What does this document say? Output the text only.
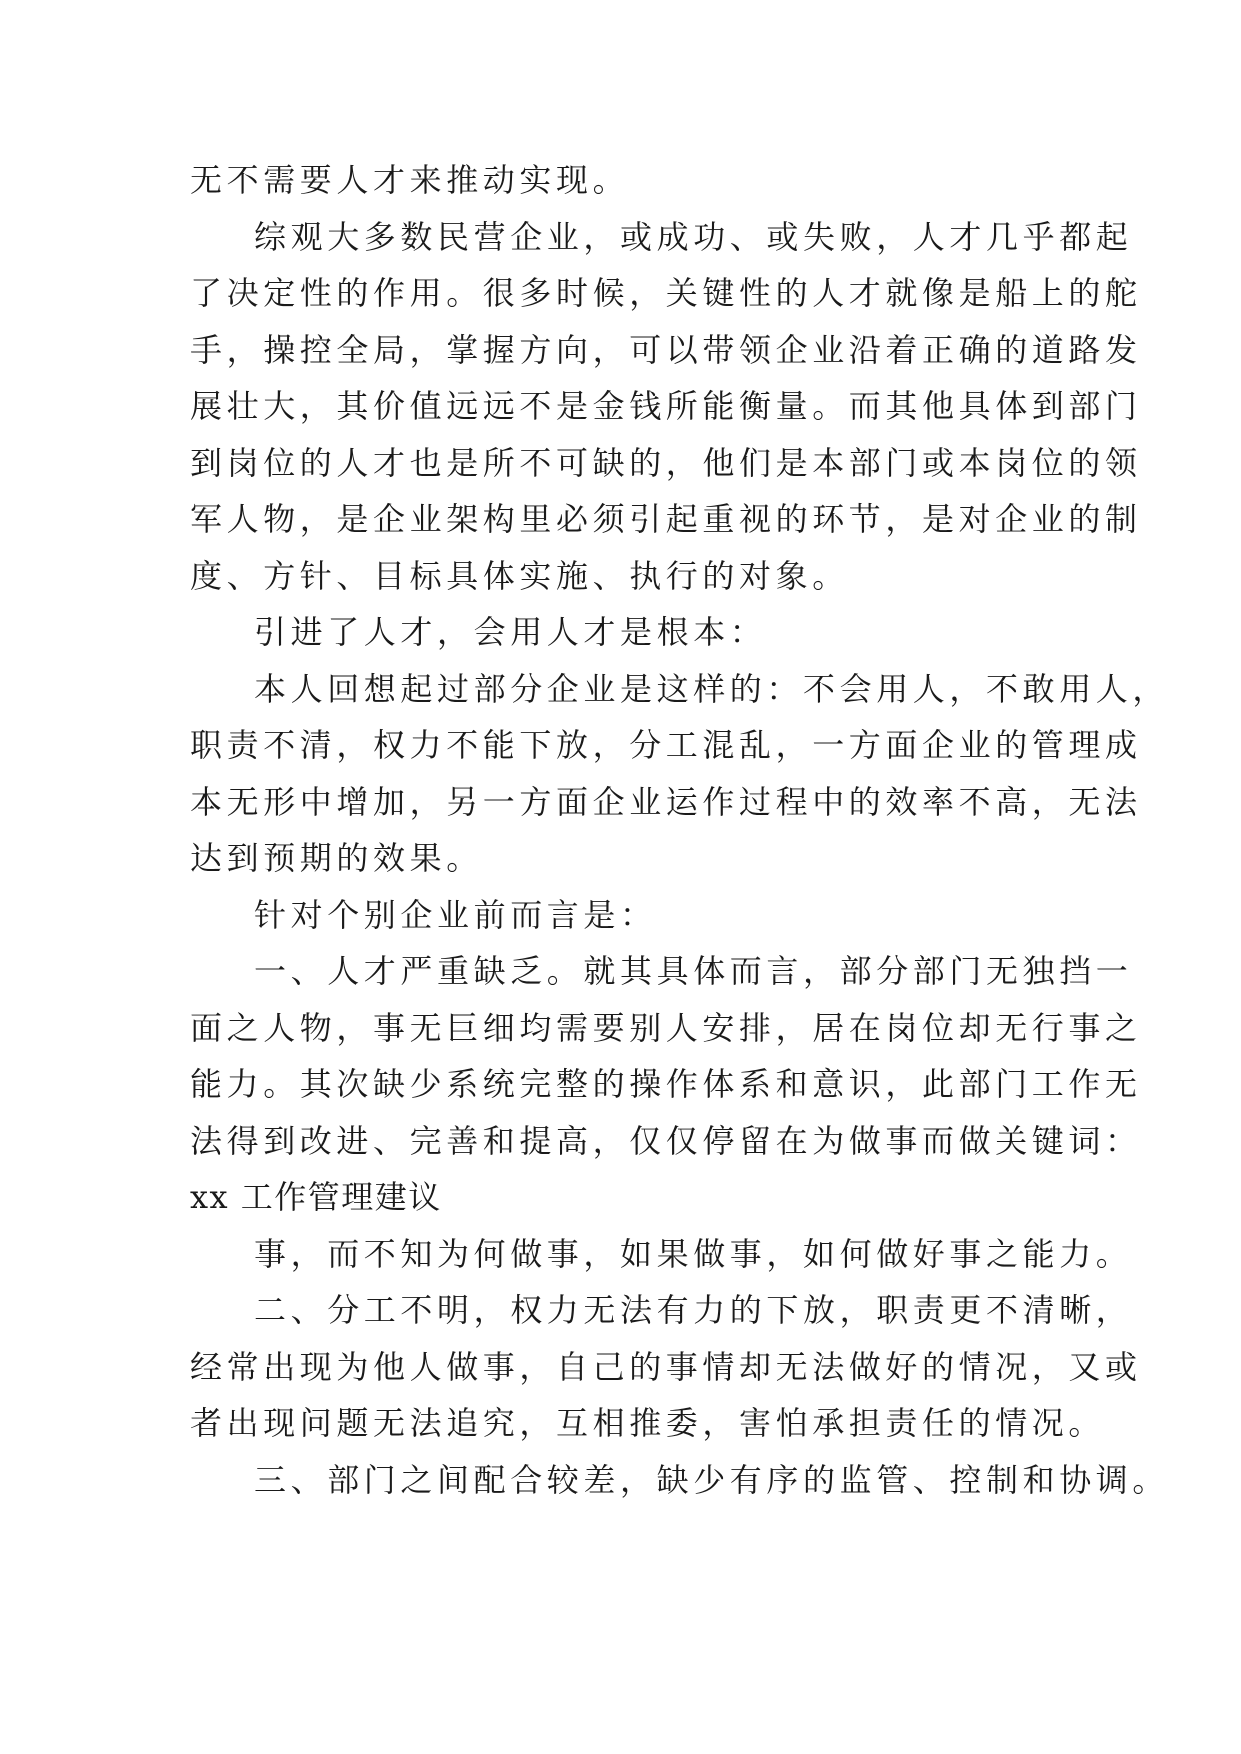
无不需要人才来推动实现。
综观大多数民营企业，或成功、或失败，人才几乎都起
了决定性的作用。很多时候，关键性的人才就像是船上的舵
手，操控全局，掌握方向，可以带领企业沿着正确的道路发
展壮大，其价值远远不是金钱所能衡量。而其他具体到部门
到岗位的人才也是所不可缺的，他们是本部门或本岗位的领
军人物，是企业架构里必须引起重视的环节，是对企业的制
度、方针、目标具体实施、执行的对象。
引进了人才，会用人才是根本：
本人回想起过部分企业是这样的：不会用人，不敢用人，
职责不清，权力不能下放，分工混乱，一方面企业的管理成
本无形中增加，另一方面企业运作过程中的效率不高，无法
达到预期的效果。
针对个别企业前而言是：
一、人才严重缺乏。就其具体而言，部分部门无独挡一
面之人物，事无巨细均需要别人安排，居在岗位却无行事之
能力。其次缺少系统完整的操作体系和意识，此部门工作无
法得到改进、完善和提高，仅仅停留在为做事而做关键词：
xx 工作管理建议
事，而不知为何做事，如果做事，如何做好事之能力。
二、分工不明，权力无法有力的下放，职责更不清晰，
经常出现为他人做事，自己的事情却无法做好的情况，又或
者出现问题无法追究，互相推委，害怕承担责任的情况。
三、部门之间配合较差，缺少有序的监管、控制和协调。
